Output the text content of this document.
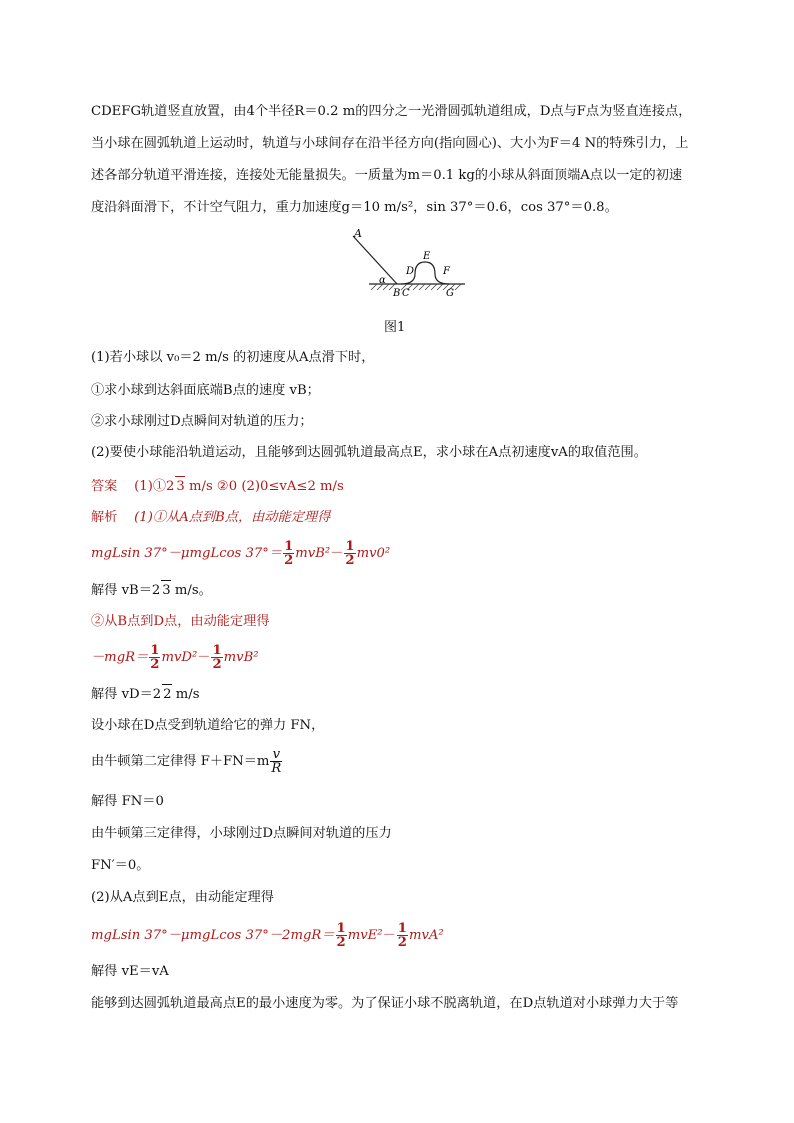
CDEFG轨道竖直放置，由4个半径R＝0.2 m的四分之一光滑圆弧轨道组成，D点与F点为竖直连接点，
当小球在圆弧轨道上运动时，轨道与小球间存在沿半径方向(指向圆心)、大小为F＝4 N的特殊引力，上
述各部分轨道平滑连接，连接处无能量损失。一质量为m＝0.1 kg的小球从斜面顶端A点以一定的初速
度沿斜面滑下，不计空气阻力，重力加速度g＝10 m/s²，sin 37°＝0.6，cos 37°＝0.8。
A
α
B C
D
E
F
G
图1
(1)若小球以 v₀＝2 m/s 的初速度从A点滑下时，
①求小球到达斜面底端B点的速度 vB；
②求小球刚过D点瞬间对轨道的压力；
(2)要使小球能沿轨道运动，且能够到达圆弧轨道最高点E，求小球在A点初速度vA的取值范围。
答案 (1)①2 3 m/s ②0 (2)0≤vA≤2 m/s
解析 (1)①从A点到B点，由动能定理得
mgLsin 37°－μmgLcos $37^\circ= \frac{1}{2} mvB^2- \frac{1}{2} mv0^2$
解得 vB＝2 3 m/s。
②从B点到D点，由动能定理得
$-mgR= \frac{1}{2} mvD^2- \frac{1}{2} mvB^2$
解得 vD＝2 2 m/s
设小球在D点受到轨道给它的弹力 FN，
由牛顿第二定律得 $F+FN=m \frac{v}{R}$
解得 FN＝0
由牛顿第三定律得，小球刚过D点瞬间对轨道的压力
FN′＝0。
(2)从A点到E点，由动能定理得
mgLsin 37°－μmgLcos $37^\circ-2mgR= \frac{1}{2} mvE^2- \frac{1}{2} mvA^2$
解得 vE＝vA
能够到达圆弧轨道最高点E的最小速度为零。为了保证小球不脱离轨道，在D点轨道对小球弹力大于等
